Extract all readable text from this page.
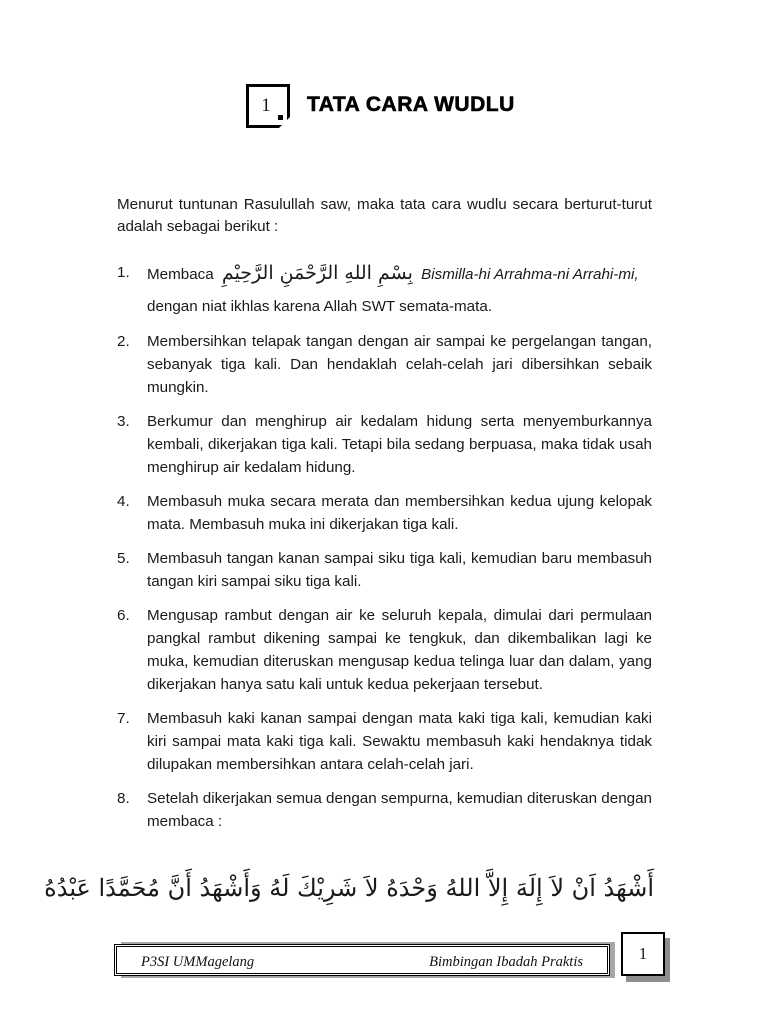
1 TATA CARA WUDLU

Menurut tuntunan Rasulullah saw, maka tata cara wudlu secara berturut-turut adalah sebagai berikut :

1. Membaca بِسْمِ اللهِ الرَّحْمَنِ الرَّحِيْمِ Bismilla-hi Arrahma-ni Arrahi-mi,
dengan niat ikhlas karena Allah SWT semata-mata.
2. Membersihkan telapak tangan dengan air sampai ke pergelangan tangan, sebanyak tiga kali. Dan hendaklah celah-celah jari dibersihkan sebaik mungkin.
3. Berkumur dan menghirup air kedalam hidung serta menyemburkannya kembali, dikerjakan tiga kali. Tetapi bila sedang berpuasa, maka tidak usah menghirup air kedalam hidung.
4. Membasuh muka secara merata dan membersihkan kedua ujung kelopak mata. Membasuh muka ini dikerjakan tiga kali.
5. Membasuh tangan kanan sampai siku tiga kali, kemudian baru membasuh tangan kiri sampai siku tiga kali.
6. Mengusap rambut dengan air ke seluruh kepala, dimulai dari permulaan pangkal rambut dikening sampai ke tengkuk, dan dikembalikan lagi ke muka, kemudian diteruskan mengusap kedua telinga luar dan dalam, yang dikerjakan hanya satu kali untuk kedua pekerjaan tersebut.
7. Membasuh kaki kanan sampai dengan mata kaki tiga kali, kemudian kaki kiri sampai mata kaki tiga kali. Sewaktu membasuh kaki hendaknya tidak dilupakan membersihkan antara celah-celah jari.
8. Setelah dikerjakan semua dengan sempurna, kemudian diteruskan dengan membaca :
أَشْهَدُ اَنْ لاَ إِلَهَ إِلاَّ اللهُ وَحْدَهُ لاَ شَرِيْكَ لَهُ وَأَشْهَدُ أَنَّ مُحَمَّدًا عَبْدُهُ
P3SI UMMagelang	Bimbingan Ibadah Praktis	1
